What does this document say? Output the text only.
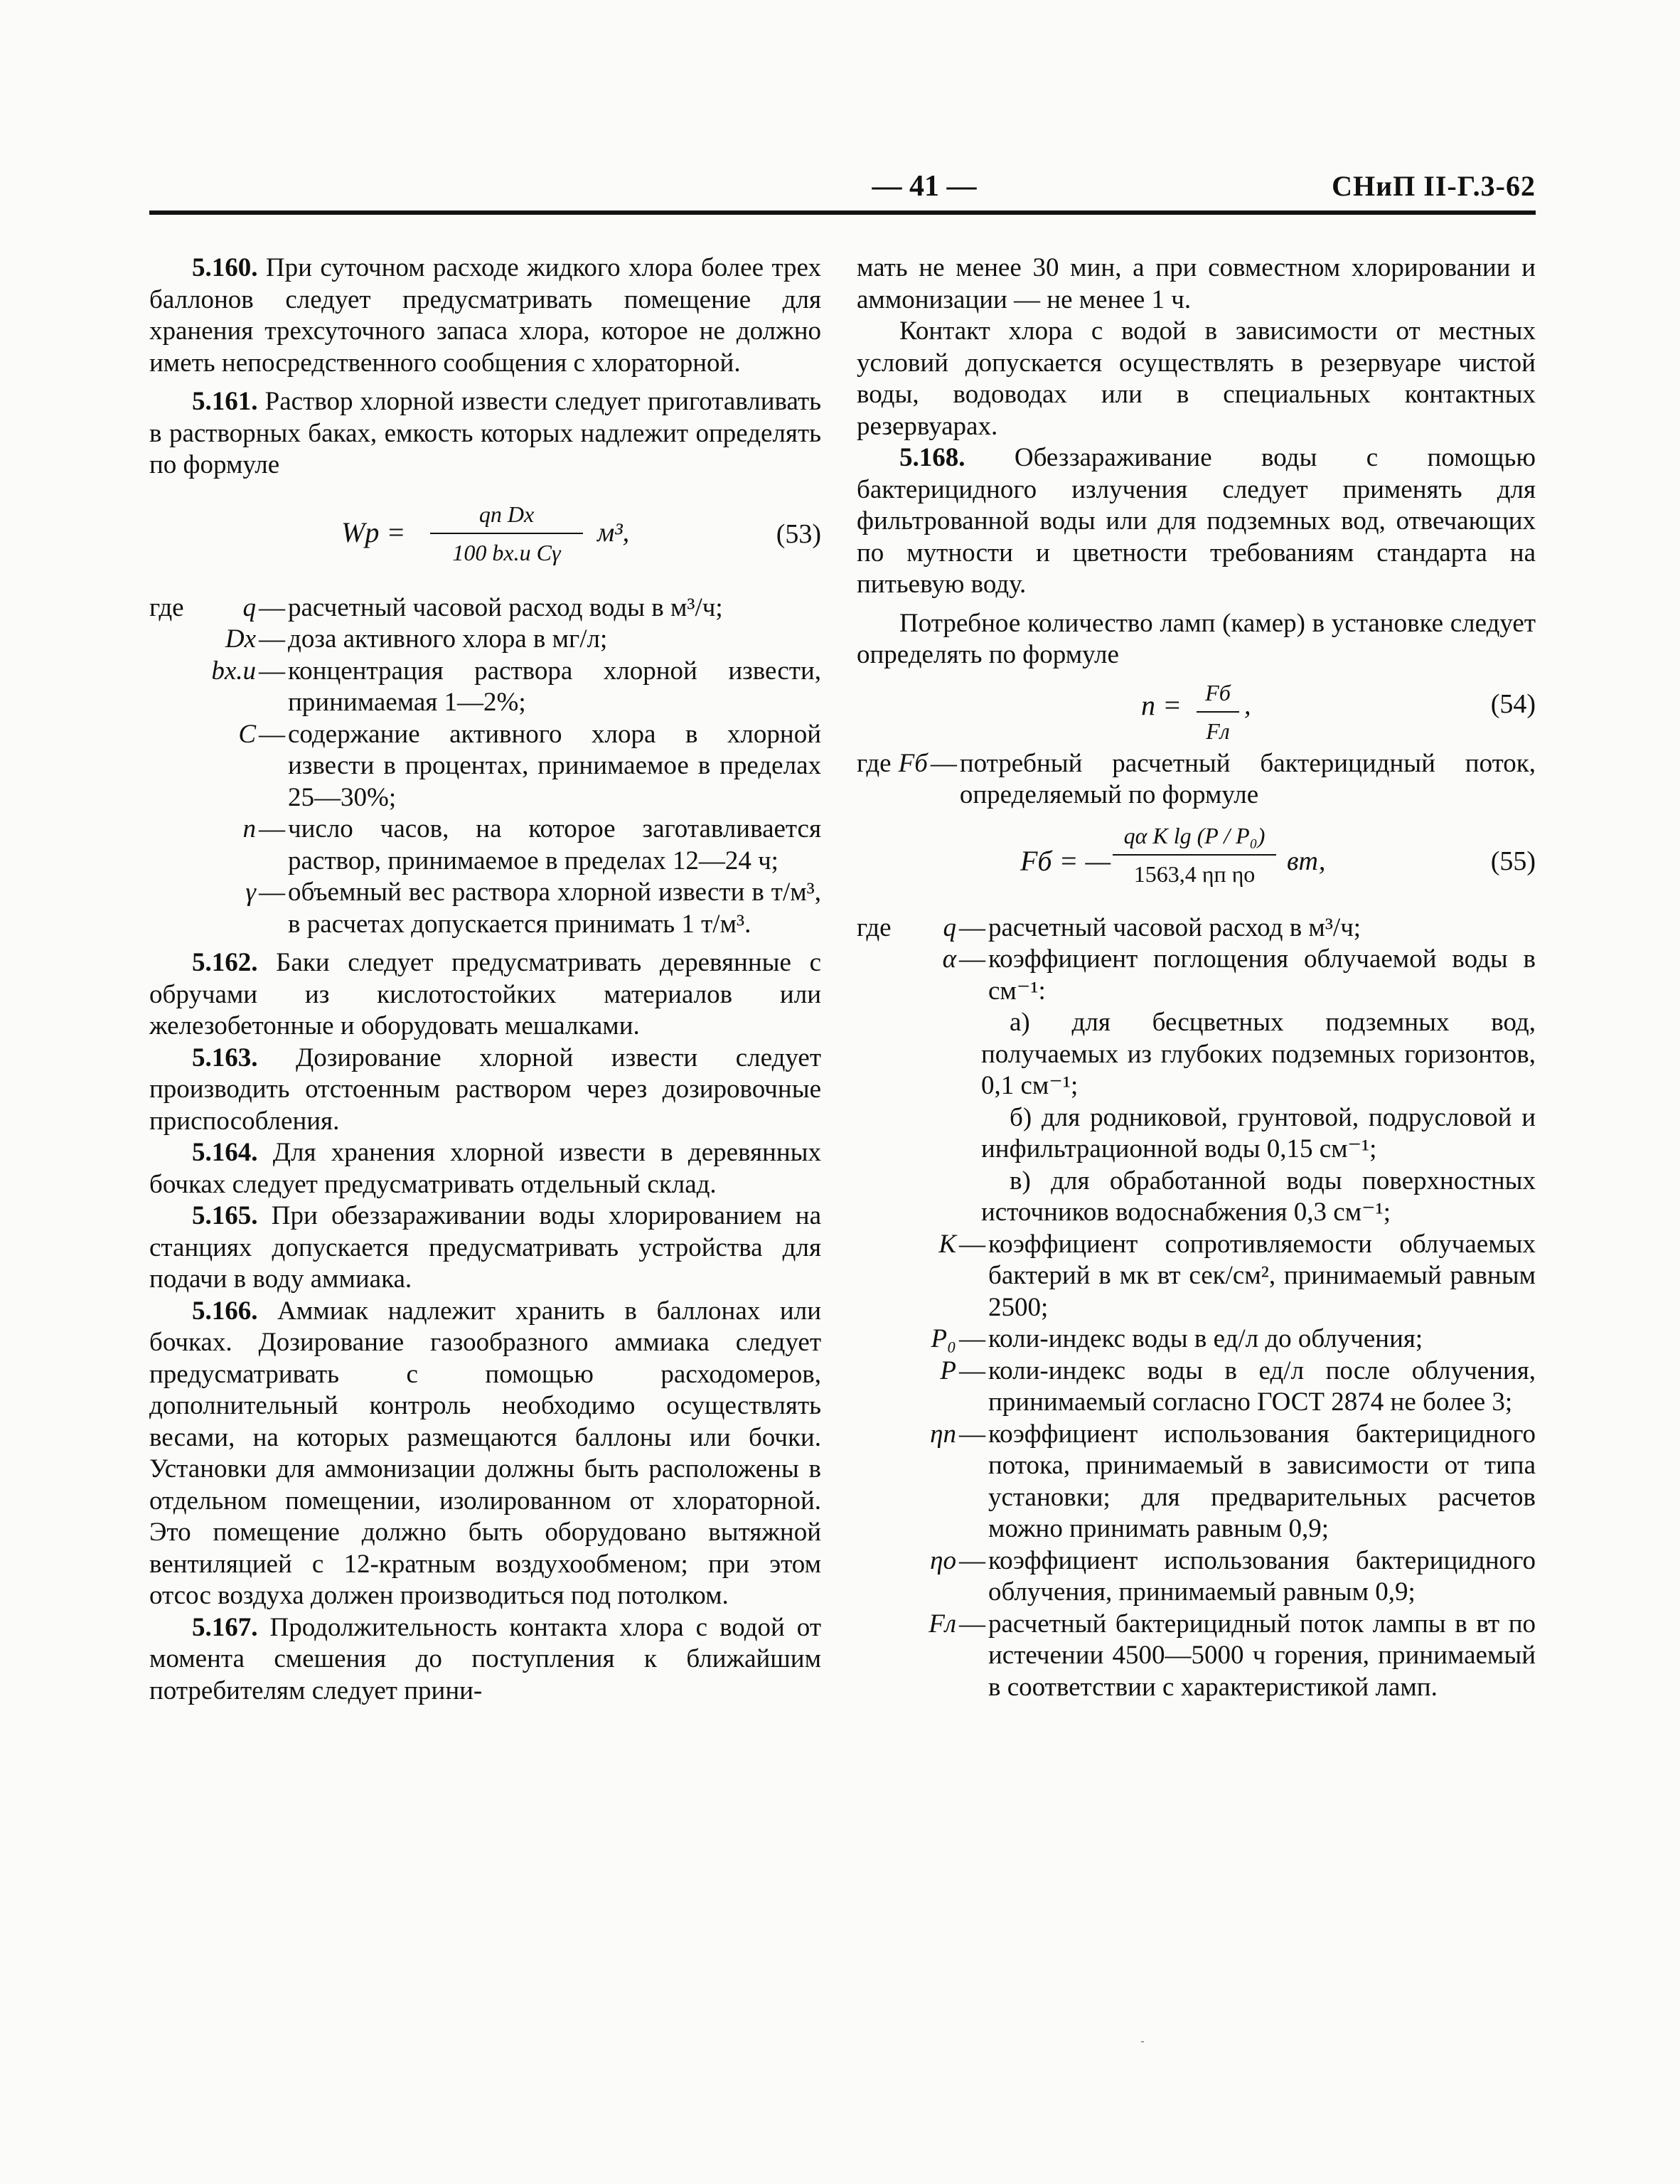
— 41 —	СНиП II-Г.3-62

5.160. При суточном расходе жидкого хлора более трех баллонов следует предусматривать помещение для хранения трехсуточного запаса хлора, которое не должно иметь непосредственного сообщения с хлораторной.

5.161. Раствор хлорной извести следует приготавливать в растворных баках, емкость которых надлежит определять по формуле

Wр =
qn Dх
100 bх.и Cγ
м³,	(53)
где	q — расчетный часовой расход воды в м³/ч;
Dх — доза активного хлора в мг/л;
bх.и — концентрация раствора хлорной извести, принимаемая 1—2%;
C — содержание активного хлора в хлорной извести в процентах, принимаемое в пределах 25—30%;
n — число часов, на которое заготавливается раствор, принимаемое в пределах 12—24 ч;
γ — объемный вес раствора хлорной извести в т/м³, в расчетах допускается принимать 1 т/м³.

5.162. Баки следует предусматривать деревянные с обручами из кислотостойких материалов или железобетонные и оборудовать мешалками.

5.163. Дозирование хлорной извести следует производить отстоенным раствором через дозировочные приспособления.

5.164. Для хранения хлорной извести в деревянных бочках следует предусматривать отдельный склад.

5.165. При обеззараживании воды хлорированием на станциях допускается предусматривать устройства для подачи в воду аммиака.

5.166. Аммиак надлежит хранить в баллонах или бочках. Дозирование газообразного аммиака следует предусматривать с помощью расходомеров, дополнительный контроль необходимо осуществлять весами, на которых размещаются баллоны или бочки. Установки для аммонизации должны быть расположены в отдельном помещении, изолированном от хлораторной. Это помещение должно быть оборудовано вытяжной вентиляцией с 12-кратным воздухообменом; при этом отсос воздуха должен производиться под потолком.

5.167. Продолжительность контакта хлора с водой от момента смешения до поступления к ближайшим потребителям следует прини-

мать не менее 30 мин, а при совместном хлорировании и аммонизации — не менее 1 ч.

Контакт хлора с водой в зависимости от местных условий допускается осуществлять в резервуаре чистой воды, водоводах или в специальных контактных резервуарах.

5.168. Обеззараживание воды с помощью бактерицидного излучения следует применять для фильтрованной воды или для подземных вод, отвечающих по мутности и цветности требованиям стандарта на питьевую воду.

Потребное количество ламп (камер) в установке следует определять по формуле

n =	Fб
Fл
,	(54)
где Fб — потребный расчетный бактерицидный поток, определяемый по формуле
Fб = —
qα K lg (P / P₀)
1563,4 ηп ηо	вт,	(55)
где	q — расчетный часовой расход в м³/ч;
α — коэффициент поглощения облучаемой воды в см⁻¹:

а) для бесцветных подземных вод, получаемых из глубоких подземных горизонтов, 0,1 см⁻¹;

б) для родниковой, грунтовой, подрусловой и инфильтрационной воды 0,15 см⁻¹;

в) для обработанной воды поверхностных источников водоснабжения 0,3 см⁻¹;

K — коэффициент сопротивляемости облучаемых бактерий в мк вт сек/см², принимаемый равным 2500;
P₀ — коли-индекс воды в ед/л до облучения;
P — коли-индекс воды в ед/л после облучения, принимаемый согласно ГОСТ 2874 не более 3;
ηп — коэффициент использования бактерицидного потока, принимаемый в зависимости от типа установки; для предварительных расчетов можно принимать равным 0,9;
ηо — коэффициент использования бактерицидного облучения, принимаемый равным 0,9;
Fл — расчетный бактерицидный поток лампы в вт по истечении 4500—5000 ч горения, принимаемый в соответствии с характеристикой ламп.
